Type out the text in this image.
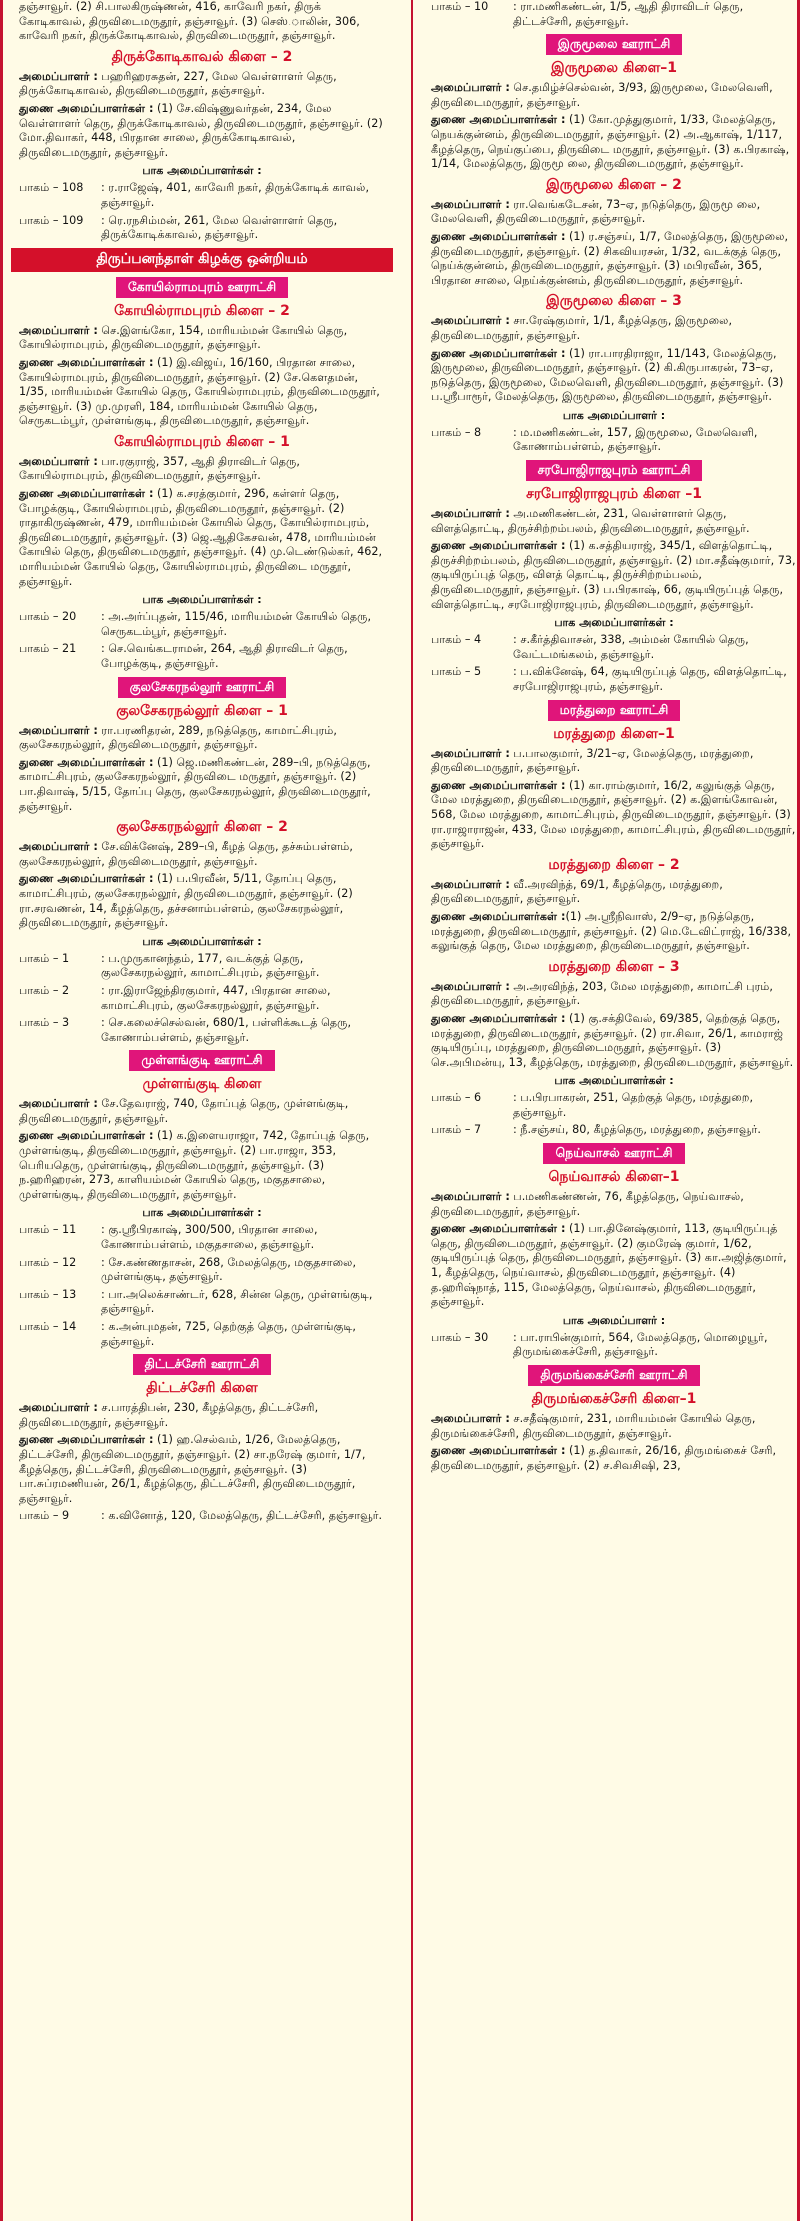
தஞ்சாவூர். (2) சி.பாலகிருஷ்ணன், 416, காவேரி நகர், திருக் கோடிகாவல், திருவிடைமருதூர், தஞ்சாவூர். (3) செஸ்.ாலின், 306, காவேரி நகர், திருக்கோடிகாவல், திருவிடைமருதூர், தஞ்சாவூர்.

திருக்கோடிகாவல் கிளை – 2

அமைப்பாளர் : பஹரிஹரசுதன், 227, மேல வெள்ளாளர் தெரு, திருக்கோடிகாவல், திருவிடைமருதூர், தஞ்சாவூர்.

துணை அமைப்பாளர்கள் : (1) சே.விஷ்ணுவர்தன், 234, மேல வெள்ளாளர் தெரு, திருக்கோடிகாவல், திருவிடைமருதூர், தஞ்சாவூர். (2) மோ.திவாகர், 448, பிரதான சாலை, திருக்கோடிகாவல், திருவிடைமருதூர், தஞ்சாவூர்.

பாக அமைப்பாளர்கள் :
பாகம் – 108	: ர.ராஜேஷ், 401, காவேரி நகர், திருக்கோடிக் காவல், தஞ்சாவூர்.
பாகம் – 109	: ரெ.ரநசிம்மன், 261, மேல வெள்ளாளர் தெரு, திருக்கோடிக்காவல், தஞ்சாவூர்.
திருப்பனந்தாள் கிழக்கு ஒன்றியம்
கோயில்ராமபுரம் ஊராட்சி
கோயில்ராமபுரம் கிளை – 2

அமைப்பாளர் : செ.இளங்கோ, 154, மாரியம்மன் கோயில் தெரு, கோயில்ராமபுரம், திருவிடைமருதூர், தஞ்சாவூர்.

துணை அமைப்பாளர்கள் : (1) இ.விஜய், 16/160, பிரதான சாலை, கோயில்ராமபுரம், திருவிடைமருதூர், தஞ்சாவூர். (2) சே.கௌதமன், 1/35, மாரியம்மன் கோயில் தெரு, கோயில்ராமபுரம், திருவிடைமருதூர், தஞ்சாவூர். (3) மு.முரளி, 184, மாரியம்மன் கோயில் தெரு, செருகடம்பூர், முள்ளங்குடி, திருவிடைமருதூர், தஞ்சாவூர்.

கோயில்ராமபுரம் கிளை – 1

அமைப்பாளர் : பா.ரகுராஜ், 357, ஆதி திராவிடர் தெரு, கோயில்ராமபுரம், திருவிடைமருதூர், தஞ்சாவூர்.

துணை அமைப்பாளர்கள் : (1) க.சரத்குமார், 296, கள்ளர் தெரு, போழக்குடி, கோயில்ராமபுரம், திருவிடைமருதூர், தஞ்சாவூர். (2) ராதாகிருஷ்ணன், 479, மாரியம்மன் கோயில் தெரு, கோயில்ராமபுரம், திருவிடைமருதூர், தஞ்சாவூர். (3) ஜெ.ஆதிகேசவன், 478, மாரியம்மன் கோயில் தெரு, திருவிடைமருதூர், தஞ்சாவூர். (4) மு.டெண்டுல்கர், 462, மாரியம்மன் கோயில் தெரு, கோயில்ராமபுரம், திருவிடை மருதூர், தஞ்சாவூர்.

பாக அமைப்பாளர்கள் :
பாகம் – 20	: அ.அர்ப்புதன், 115/46, மாரியம்மன் கோயில் தெரு, செருகடம்பூர், தஞ்சாவூர்.
பாகம் – 21	: செ.வெங்கடராமன், 264, ஆதி திராவிடர் தெரு, போழக்குடி, தஞ்சாவூர்.
குலசேகரநல்லூர் ஊராட்சி
குலசேகரநல்லூர் கிளை – 1

அமைப்பாளர் : ரா.பரணிதரன், 289, நடுத்தெரு, காமாட்சிபுரம், குலசேகரநல்லூர், திருவிடைமருதூர், தஞ்சாவூர்.

துணை அமைப்பாளர்கள் : (1) ஜெ.மணிகண்டன், 289–பி, நடுத்தெரு, காமாட்சிபுரம், குலசேகரநல்லூர், திருவிடை மருதூர், தஞ்சாவூர். (2) பா.திவாஷ், 5/15, தோப்பு தெரு, குலசேகரநல்லூர், திருவிடைமருதூர், தஞ்சாவூர்.

குலசேகரநல்லூர் கிளை – 2

அமைப்பாளர் : சே.விக்னேஷ், 289–பி, கீழத் தெரு, தச்சும்பள்ளம், குலசேகரநல்லூர், திருவிடைமருதூர், தஞ்சாவூர்.

துணை அமைப்பாளர்கள் : (1) ப.பிரவீன், 5/11, தோப்பு தெரு, காமாட்சிபுரம், குலசேகரநல்லூர், திருவிடைமருதூர், தஞ்சாவூர். (2) ரா.சரவணன், 14, கீழத்தெரு, தச்சனாம்பள்ளம், குலசேகரநல்லூர், திருவிடைமருதூர், தஞ்சாவூர்.

பாக அமைப்பாளர்கள் :
பாகம் – 1	: ப.முருகானந்தம், 177, வடக்குத் தெரு, குலசேகரநல்லூர், காமாட்சிபுரம், தஞ்சாவூர்.
பாகம் – 2	: ரா.இராஜேந்திரகுமார், 447, பிரதான சாலை, காமாட்சிபுரம், குலசேகரநல்லூர், தஞ்சாவூர்.
பாகம் – 3	: செ.கலைச்செல்வன், 680/1, பள்ளிக்கூடத் தெரு, கோணாம்பள்ளம், தஞ்சாவூர்.
முள்ளங்குடி ஊராட்சி
முள்ளங்குடி கிளை

அமைப்பாளர் : சே.தேவராஜ், 740, தோப்புத் தெரு, முள்ளங்குடி, திருவிடைமருதூர், தஞ்சாவூர்.

துணை அமைப்பாளர்கள் : (1) க.இளையராஜா, 742, தோப்புத் தெரு, முள்ளங்குடி, திருவிடைமருதூர், தஞ்சாவூர். (2) பா.ராஜா, 353, பெரியதெரு, முள்ளங்குடி, திருவிடைமருதூர், தஞ்சாவூர். (3) ந.ஹரிஹரன், 273, காளியம்மன் கோயில் தெரு, மகுதசாலை, முள்ளங்குடி, திருவிடைமருதூர், தஞ்சாவூர்.

பாக அமைப்பாளர்கள் :
பாகம் – 11	: கு.ஸ்ரீபிரகாஷ், 300/500, பிரதான சாலை, கோணாம்பள்ளம், மகுதசாலை, தஞ்சாவூர்.
பாகம் – 12	: சே.கண்ணதாசன், 268, மேலத்தெரு, மகுதசாலை, முள்ளங்குடி, தஞ்சாவூர்.
பாகம் – 13	: பா.அலெக்சாண்டர், 628, சின்ன தெரு, முள்ளங்குடி, தஞ்சாவூர்.
பாகம் – 14	: க.அன்புமதன், 725, தெற்குத் தெரு, முள்ளங்குடி, தஞ்சாவூர்.
திட்டச்சேரி ஊராட்சி
திட்டச்சேரி கிளை

அமைப்பாளர் : ச.பாரத்திபன், 230, கீழத்தெரு, திட்டச்சேரி, திருவிடைமருதூர், தஞ்சாவூர்.

துணை அமைப்பாளர்கள் : (1) ஹ.செல்வம், 1/26, மேலத்தெரு, திட்டச்சேரி, திருவிடைமருதூர், தஞ்சாவூர். (2) சா.நரேஷ் குமார், 1/7, கீழத்தெரு, திட்டச்சேரி, திருவிடைமருதூர், தஞ்சாவூர். (3) பா.சுப்ரமணியன், 26/1, கீழத்தெரு, திட்டச்சேரி, திருவிடைமருதூர், தஞ்சாவூர்.

பாகம் – 9	: க.வினோத், 120, மேலத்தெரு, திட்டச்சேரி, தஞ்சாவூர்.
பாகம் – 10	: ரா.மணிகண்டன், 1/5, ஆதி திராவிடர் தெரு, திட்டச்சேரி, தஞ்சாவூர்.
இருமூலை ஊராட்சி
இருமூலை கிளை–1

அமைப்பாளர் : செ.தமிழ்ச்செல்வன், 3/93, இருமூலை, மேலவெளி, திருவிடைமருதூர், தஞ்சாவூர்.

துணை அமைப்பாளர்கள் : (1) கோ.முத்துகுமார், 1/33, மேலத்தெரு, நெயக்குன்னம், திருவிடைமருதூர், தஞ்சாவூர். (2) அ.ஆகாஷ், 1/117, கீழத்தெரு, நெய்குப்பை, திருவிடை மருதூர், தஞ்சாவூர். (3) க.பிரகாஷ், 1/14, மேலத்தெரு, இருமூ லை, திருவிடைமருதூர், தஞ்சாவூர்.

இருமூலை கிளை – 2

அமைப்பாளர் : ரா.வெங்கடேசன், 73–ஏ, நடுத்தெரு, இருமூ லை, மேலவெளி, திருவிடைமருதூர், தஞ்சாவூர்.

துணை அமைப்பாளர்கள் : (1) ர.சஞ்சய், 1/7, மேலத்தெரு, இருமூலை, திருவிடைமருதூர், தஞ்சாவூர். (2) சிகவியரசன், 1/32, வடக்குத் தெரு, நெய்க்குன்னம், திருவிடைமருதூர், தஞ்சாவூர். (3) மபிரவீன், 365, பிரதான சாலை, நெய்க்குன்னம், திருவிடைமருதூர், தஞ்சாவூர்.

இருமூலை கிளை – 3

அமைப்பாளர் : சா.ரேஷ்குமார், 1/1, கீழத்தெரு, இருமூலை, திருவிடைமருதூர், தஞ்சாவூர்.

துணை அமைப்பாளர்கள் : (1) ரா.பாரதிராஜா, 11/143, மேலத்தெரு, இருமூலை, திருவிடைமருதூர், தஞ்சாவூர். (2) கி.கிருபாகரன், 73–ஏ, நடுத்தெரு, இருமூலை, மேலவெளி, திருவிடைமருதூர், தஞ்சாவூர். (3) ப.ஸ்ரீபாரூர், மேலத்தெரு, இருமூலை, திருவிடைமருதூர், தஞ்சாவூர்.

பாக அமைப்பாளர் :
பாகம் – 8	: ம.மணிகண்டன், 157, இருமூலை, மேலவெளி, கோணாம்பள்ளம், தஞ்சாவூர்.
சரபோஜிராஜபுரம் ஊராட்சி
சரபோஜிராஜபுரம் கிளை –1

அமைப்பாளர் : அ.மணிகண்டன், 231, வெள்ளாளர் தெரு, விளத்தொட்டி, திருச்சிற்றம்பலம், திருவிடைமருதூர், தஞ்சாவூர்.

துணை அமைப்பாளர்கள் : (1) க.சத்தியராஜ், 345/1, விளத்தொட்டி, திருச்சிற்றம்பலம், திருவிடைமருதூர், தஞ்சாவூர். (2) மா.சதீஷ்குமார், 73, குடியிருப்புத் தெரு, விளத் தொட்டி, திருச்சிற்றம்பலம், திருவிடைமருதூர், தஞ்சாவூர். (3) ப.பிரகாஷ், 66, குடியிருப்புத் தெரு, விளத்தொட்டி, சரபோஜிராஜபுரம், திருவிடைமருதூர், தஞ்சாவூர்.

பாக அமைப்பாளர்கள் :
பாகம் – 4	: ச.கீர்த்திவாசன், 338, அம்மன் கோயில் தெரு, வேட்டமங்கலம், தஞ்சாவூர்.
பாகம் – 5	: ப.விக்னேஷ், 64, குடியிருப்புத் தெரு, விளத்தொட்டி, சரபோஜிராஜபுரம், தஞ்சாவூர்.
மரத்துறை ஊராட்சி
மரத்துறை கிளை–1

அமைப்பாளர் : ப.பாலகுமார், 3/21–ஏ, மேலத்தெரு, மரத்துறை, திருவிடைமருதூர், தஞ்சாவூர்.

துணை அமைப்பாளர்கள் : (1) கா.ராம்குமார், 16/2, கலுங்குத் தெரு, மேல மரத்துறை, திருவிடைமருதூர், தஞ்சாவூர். (2) க.இளங்கோவன், 568, மேல மரத்துறை, காமாட்சிபுரம், திருவிடைமருதூர், தஞ்சாவூர். (3) ரா.ராஜாராஜன், 433, மேல மரத்துறை, காமாட்சிபுரம், திருவிடைமருதூர், தஞ்சாவூர்.

மரத்துறை கிளை – 2

அமைப்பாளர் : வீ.அரவிந்த், 69/1, கீழத்தெரு, மரத்துறை, திருவிடைமருதூர், தஞ்சாவூர்.

துணை அமைப்பாளர்கள் :(1) அ.ஸ்ரீநிவாஸ், 2/9–ஏ, நடுத்தெரு, மரத்துறை, திருவிடைமருதூர், தஞ்சாவூர். (2) மெ.டேவிட்ராஜ், 16/338, கலுங்குத் தெரு, மேல மரத்துறை, திருவிடைமருதூர், தஞ்சாவூர்.

மரத்துறை கிளை – 3

அமைப்பாளர் : அ.அரவிந்த், 203, மேல மரத்துறை, காமாட்சி புரம், திருவிடைமருதூர், தஞ்சாவூர்.

துணை அமைப்பாளர்கள் : (1) கு.சக்திவேல், 69/385, தெற்குத் தெரு, மரத்துறை, திருவிடைமருதூர், தஞ்சாவூர். (2) ரா.சிவா, 26/1, காமராஜ் குடியிருப்பு, மரத்துறை, திருவிடைமருதூர், தஞ்சாவூர். (3) செ.அபிமன்யு, 13, கீழத்தெரு, மரத்துறை, திருவிடைமருதூர், தஞ்சாவூர்.

பாக அமைப்பாளர்கள் :
பாகம் – 6	: ப.பிரபாகரன், 251, தெற்குத் தெரு, மரத்துறை, தஞ்சாவூர்.
பாகம் – 7	: நீ.சஞ்சய், 80, கீழத்தெரு, மரத்துறை, தஞ்சாவூர்.
நெய்வாசல் ஊராட்சி
நெய்வாசல் கிளை–1

அமைப்பாளர் : ப.மணிகண்ணன், 76, கீழத்தெரு, நெய்வாசல், திருவிடைமருதூர், தஞ்சாவூர்.

துணை அமைப்பாளர்கள் : (1) பா.தினேஷ்குமார், 113, குடியிருப்புத் தெரு, திருவிடைமருதூர், தஞ்சாவூர். (2) குமரேஷ் குமார், 1/62, குடியிருப்புத் தெரு, திருவிடைமருதூர், தஞ்சாவூர். (3) கா.அஜித்குமார், 1, கீழத்தெரு, நெய்வாசல், திருவிடைமருதூர், தஞ்சாவூர். (4) த.ஹரிஷ்நாத், 115, மேலத்தெரு, நெய்வாசல், திருவிடைமருதூர், தஞ்சாவூர்.

பாக அமைப்பாளர் :
பாகம் – 30	: பா.ராபின்குமார், 564, மேலத்தெரு, மொழையூர், திருமங்கைச்சேரி, தஞ்சாவூர்.
திருமங்கைச்சேரி ஊராட்சி
திருமங்கைச்சேரி கிளை–1

அமைப்பாளர் : ச.சதீஷ்குமார், 231, மாரியம்மன் கோயில் தெரு, திருமங்கைச்சேரி, திருவிடைமருதூர், தஞ்சாவூர்.

துணை அமைப்பாளர்கள் : (1) த.திவாகர், 26/16, திருமங்கைச் சேரி, திருவிடைமருதூர், தஞ்சாவூர். (2) ச.சிவசிஷி, 23,
